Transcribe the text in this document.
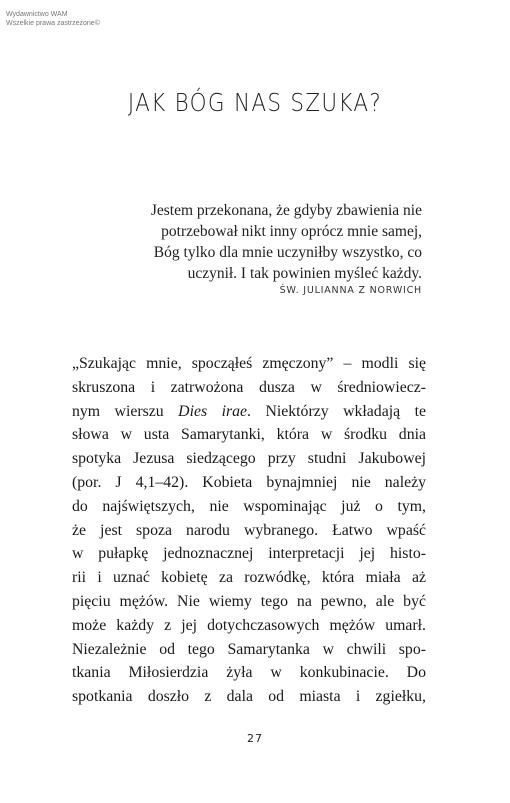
Wydawnictwo WAM
Wszelkie prawa zastrzeżone©
JAK BÓG NAS SZUKA?
Jestem przekonana, że gdyby zbawienia nie
potrzebował nikt inny oprócz mnie samej,
Bóg tylko dla mnie uczyniłby wszystko, co
uczynił. I tak powinien myśleć każdy.
ŚW. JULIANNA Z NORWICH
„Szukając mnie, spocząłeś zmęczony” – modli się
skruszona i zatrwożona dusza w średniowiecz-
nym wierszu Dies irae. Niektórzy wkładają te
słowa w usta Samarytanki, która w środku dnia
spotyka Jezusa siedzącego przy studni Jakubowej
(por. J 4,1–42). Kobieta bynajmniej nie należy
do najświętszych, nie wspominając już o tym,
że jest spoza narodu wybranego. Łatwo wpaść
w pułapkę jednoznacznej interpretacji jej histo-
rii i uznać kobietę za rozwódkę, która miała aż
pięciu mężów. Nie wiemy tego na pewno, ale być
może każdy z jej dotychczasowych mężów umarł.
Niezależnie od tego Samarytanka w chwili spo-
tkania Miłosierdzia żyła w konkubinacie. Do
spotkania doszło z dala od miasta i zgiełku,
27
